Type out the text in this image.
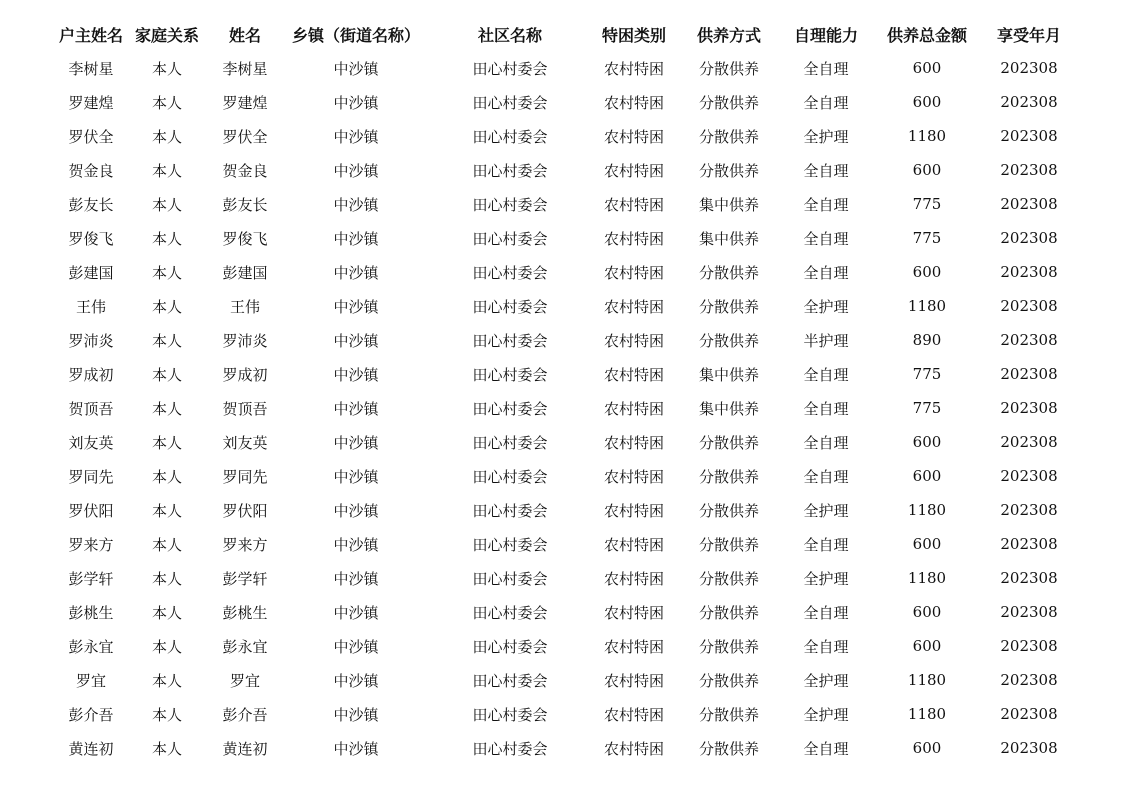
户主姓名	家庭关系	姓名	乡镇（街道名称）	社区名称	特困类别	供养方式	自理能力	供养总金额	享受年月
李树星	本人	李树星	中沙镇	田心村委会	农村特困	分散供养	全自理	600	202308
罗建煌	本人	罗建煌	中沙镇	田心村委会	农村特困	分散供养	全自理	600	202308
罗伏全	本人	罗伏全	中沙镇	田心村委会	农村特困	分散供养	全护理	1180	202308
贺金良	本人	贺金良	中沙镇	田心村委会	农村特困	分散供养	全自理	600	202308
彭友长	本人	彭友长	中沙镇	田心村委会	农村特困	集中供养	全自理	775	202308
罗俊飞	本人	罗俊飞	中沙镇	田心村委会	农村特困	集中供养	全自理	775	202308
彭建国	本人	彭建国	中沙镇	田心村委会	农村特困	分散供养	全自理	600	202308
王伟	本人	王伟	中沙镇	田心村委会	农村特困	分散供养	全护理	1180	202308
罗沛炎	本人	罗沛炎	中沙镇	田心村委会	农村特困	分散供养	半护理	890	202308
罗成初	本人	罗成初	中沙镇	田心村委会	农村特困	集中供养	全自理	775	202308
贺顶吾	本人	贺顶吾	中沙镇	田心村委会	农村特困	集中供养	全自理	775	202308
刘友英	本人	刘友英	中沙镇	田心村委会	农村特困	分散供养	全自理	600	202308
罗同先	本人	罗同先	中沙镇	田心村委会	农村特困	分散供养	全自理	600	202308
罗伏阳	本人	罗伏阳	中沙镇	田心村委会	农村特困	分散供养	全护理	1180	202308
罗来方	本人	罗来方	中沙镇	田心村委会	农村特困	分散供养	全自理	600	202308
彭学轩	本人	彭学轩	中沙镇	田心村委会	农村特困	分散供养	全护理	1180	202308
彭桃生	本人	彭桃生	中沙镇	田心村委会	农村特困	分散供养	全自理	600	202308
彭永宜	本人	彭永宜	中沙镇	田心村委会	农村特困	分散供养	全自理	600	202308
罗宜	本人	罗宜	中沙镇	田心村委会	农村特困	分散供养	全护理	1180	202308
彭介吾	本人	彭介吾	中沙镇	田心村委会	农村特困	分散供养	全护理	1180	202308
黄连初	本人	黄连初	中沙镇	田心村委会	农村特困	分散供养	全自理	600	202308
